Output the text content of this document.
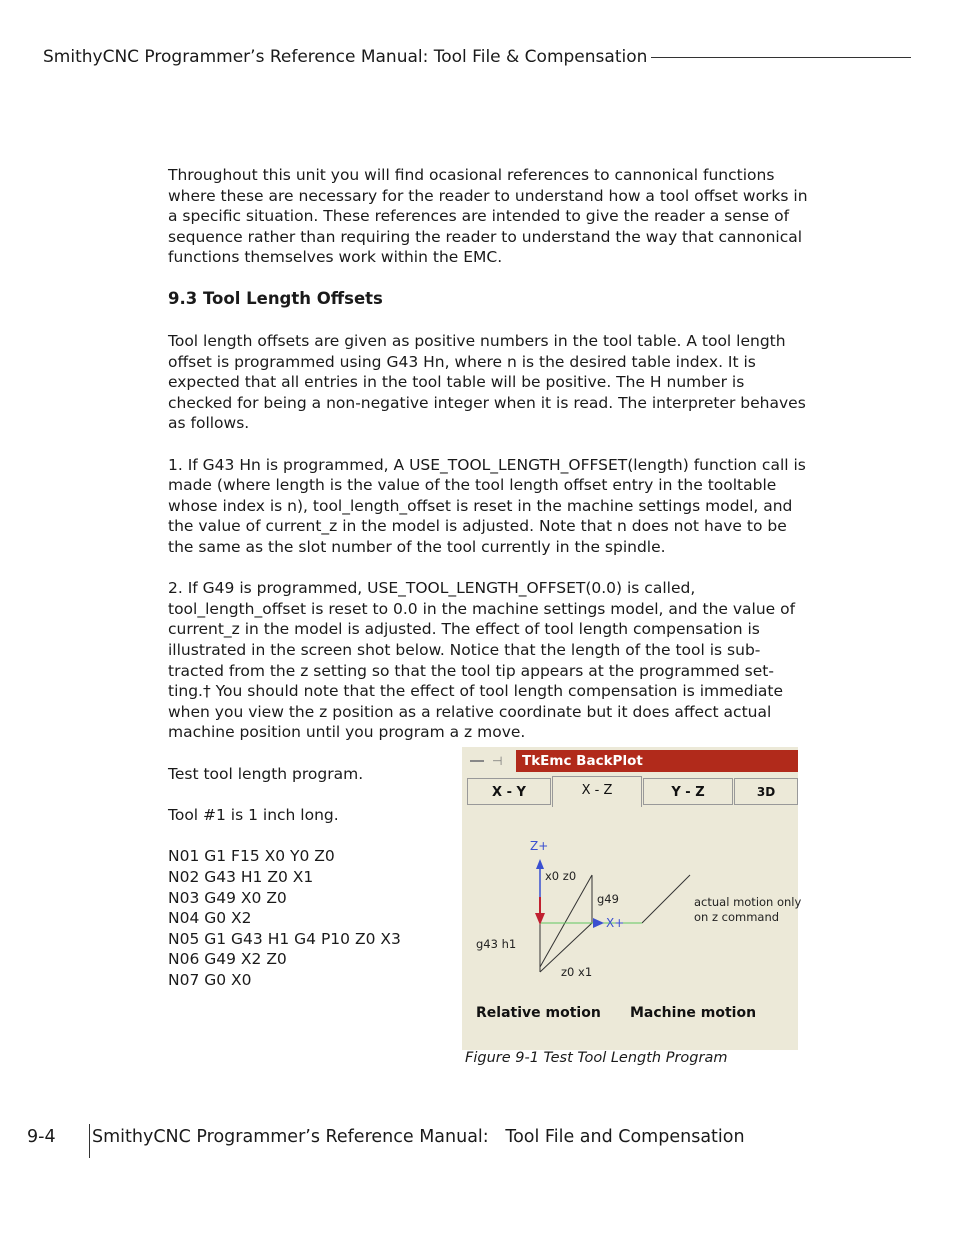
SmithyCNC Programmer’s Reference Manual: Tool File & Compensation

Throughout this unit you will find ocasional references to cannonical functions where these are necessary for the reader to understand how a tool offset works in a specific situation. These references are intended to give the reader a sense of sequence rather than requiring the reader to understand the way that cannonical functions themselves work within the EMC.

9.3 Tool Length Offsets

Tool length offsets are given as positive numbers in the tool table. A tool length offset is programmed using G43 Hn, where n is the desired table index. It is expected that all entries in the tool table will be positive. The H number is checked for being a non-negative integer when it is read. The interpreter behaves as follows.

1. If G43 Hn is programmed, A USE_TOOL_LENGTH_OFFSET(length) function call is made (where length is the value of the tool length offset entry in the tooltable whose index is n), tool_length_offset is reset in the machine settings model, and the value of current_z in the model is adjusted. Note that n does not have to be the same as the slot number of the tool currently in the spindle.

2. If G49 is programmed, USE_TOOL_LENGTH_OFFSET(0.0) is called, tool_length_offset is reset to 0.0 in the machine settings model, and the value of current_z in the model is adjusted. The effect of tool length compensation is illustrated in the screen shot below. Notice that the length of the tool is sub-tracted from the z setting so that the tool tip appears at the programmed set-ting.† You should note that the effect of tool length compensation is immediate when you view the z position as a relative coordinate but it does affect actual machine position until you program a z move.

Test tool length program.

Tool #1 is 1 inch long.

N01 G1 F15 X0 Y0 Z0

N02 G43 H1 Z0 X1

N03 G49 X0 Z0

N04 G0 X2

N05 G1 G43 H1 G4 P10 Z0 X3

N06 G49 X2 Z0

N07 G0 X0

⊣	TkEmc BackPlot
X - Y	X - Z	Y - Z	3D
Z+
X+
x0 z0
g49
g43 h1
z0 x1
actual motion only
on z command
Relative motion Machine motion
Figure 9-1 Test Tool Length Program
9-4	SmithyCNC Programmer’s Reference Manual:   Tool File and Compensation
